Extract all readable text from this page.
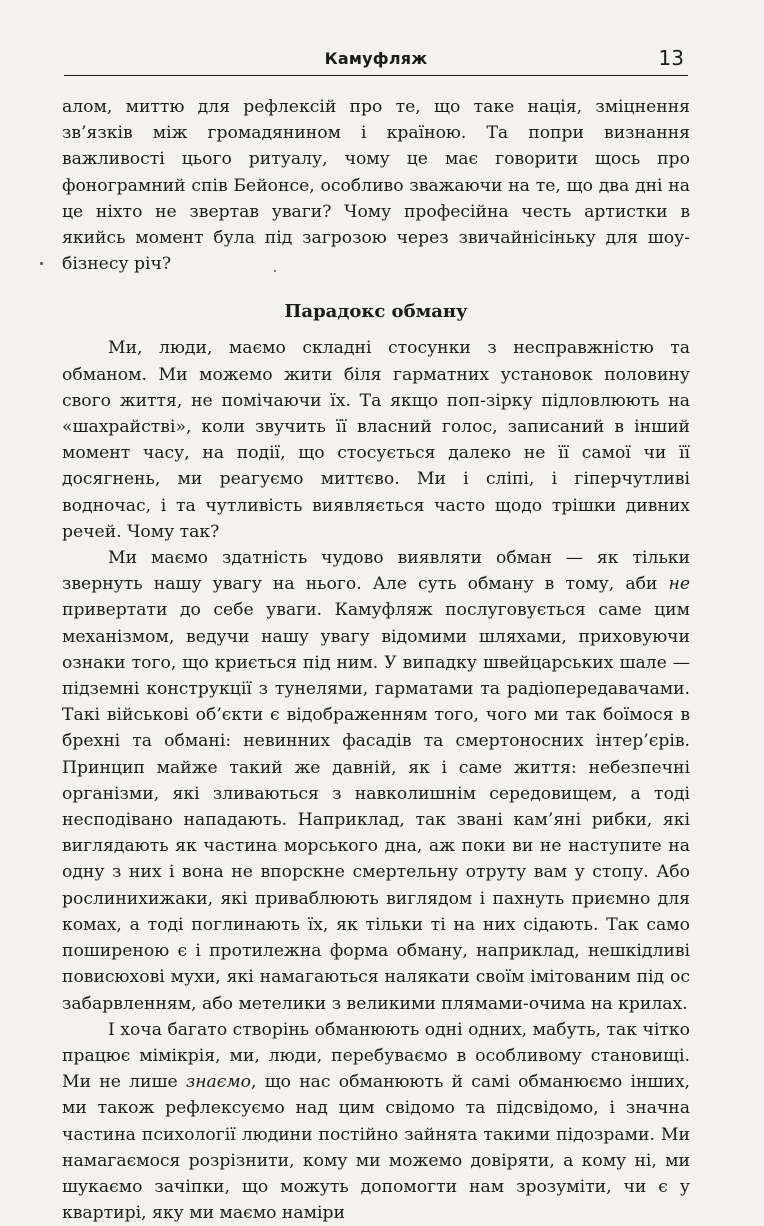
Камуфляж	13

алом, миттю для рефлексій про те, що таке нація, зміцнення зв’язків між громадянином і країною. Та попри визнання важливості цього ритуалу, чому це має говорити щось про фонограмний спів Бейонсе, особливо зважаючи на те, що два дні на це ніхто не звертав уваги? Чому професійна честь артистки в якийсь момент була під загрозою через звичайнісіньку для шоу-бізнесу річ?

Парадокс обману

Ми, люди, маємо складні стосунки з несправжністю та обманом. Ми можемо жити біля гарматних установок половину свого життя, не помічаючи їх. Та якщо поп-зірку підловлюють на «шахрайстві», коли звучить її власний голос, записаний в інший момент часу, на події, що стосується далеко не її самої чи її досягнень, ми реагуємо миттєво. Ми і сліпі, і гіперчутливі водночас, і та чутливість виявляється часто щодо трішки дивних речей. Чому так?

Ми маємо здатність чудово виявляти обман — як тільки звернуть нашу увагу на нього. Але суть обману в тому, аби не привертати до себе уваги. Камуфляж послуговується саме цим механізмом, ведучи нашу увагу відомими шляхами, приховуючи ознаки того, що криється під ним. У випадку швейцарських шале — підземні конструкції з тунелями, гарматами та радіопередавачами. Такі військові об’єкти є відображенням того, чого ми так боїмося в брехні та обмані: невинних фасадів та смертоносних інтер’єрів. Принцип майже такий же давній, як і саме життя: небезпечні організми, які зливаються з навколишнім середовищем, а тоді несподівано нападають. Наприклад, так звані кам’яні рибки, які виглядають як частина морського дна, аж поки ви не наступите на одну з них і вона не впорскне смертельну отруту вам у стопу. Або рослинихижаки, які приваблюють виглядом і пахнуть приємно для комах, а тоді поглинають їх, як тільки ті на них сідають. Так само поширеною є і протилежна форма обману, наприклад, нешкідливі повисюхові мухи, які намагаються налякати своїм імітованим під ос забарвленням, або метелики з великими плямами-очима на крилах.

І хоча багато створінь обманюють одні одних, мабуть, так чітко працює мімікрія, ми, люди, перебуваємо в особливому становищі. Ми не лише знаємо, що нас обманюють й самі обманюємо інших, ми також рефлексуємо над цим свідомо та підсвідомо, і значна частина психології людини постійно зайнята такими підозрами. Ми намагаємося розрізнити, кому ми можемо довіряти, а кому ні, ми шукаємо зачіпки, що можуть допомогти нам зрозуміти, чи є у квартирі, яку ми маємо наміри
